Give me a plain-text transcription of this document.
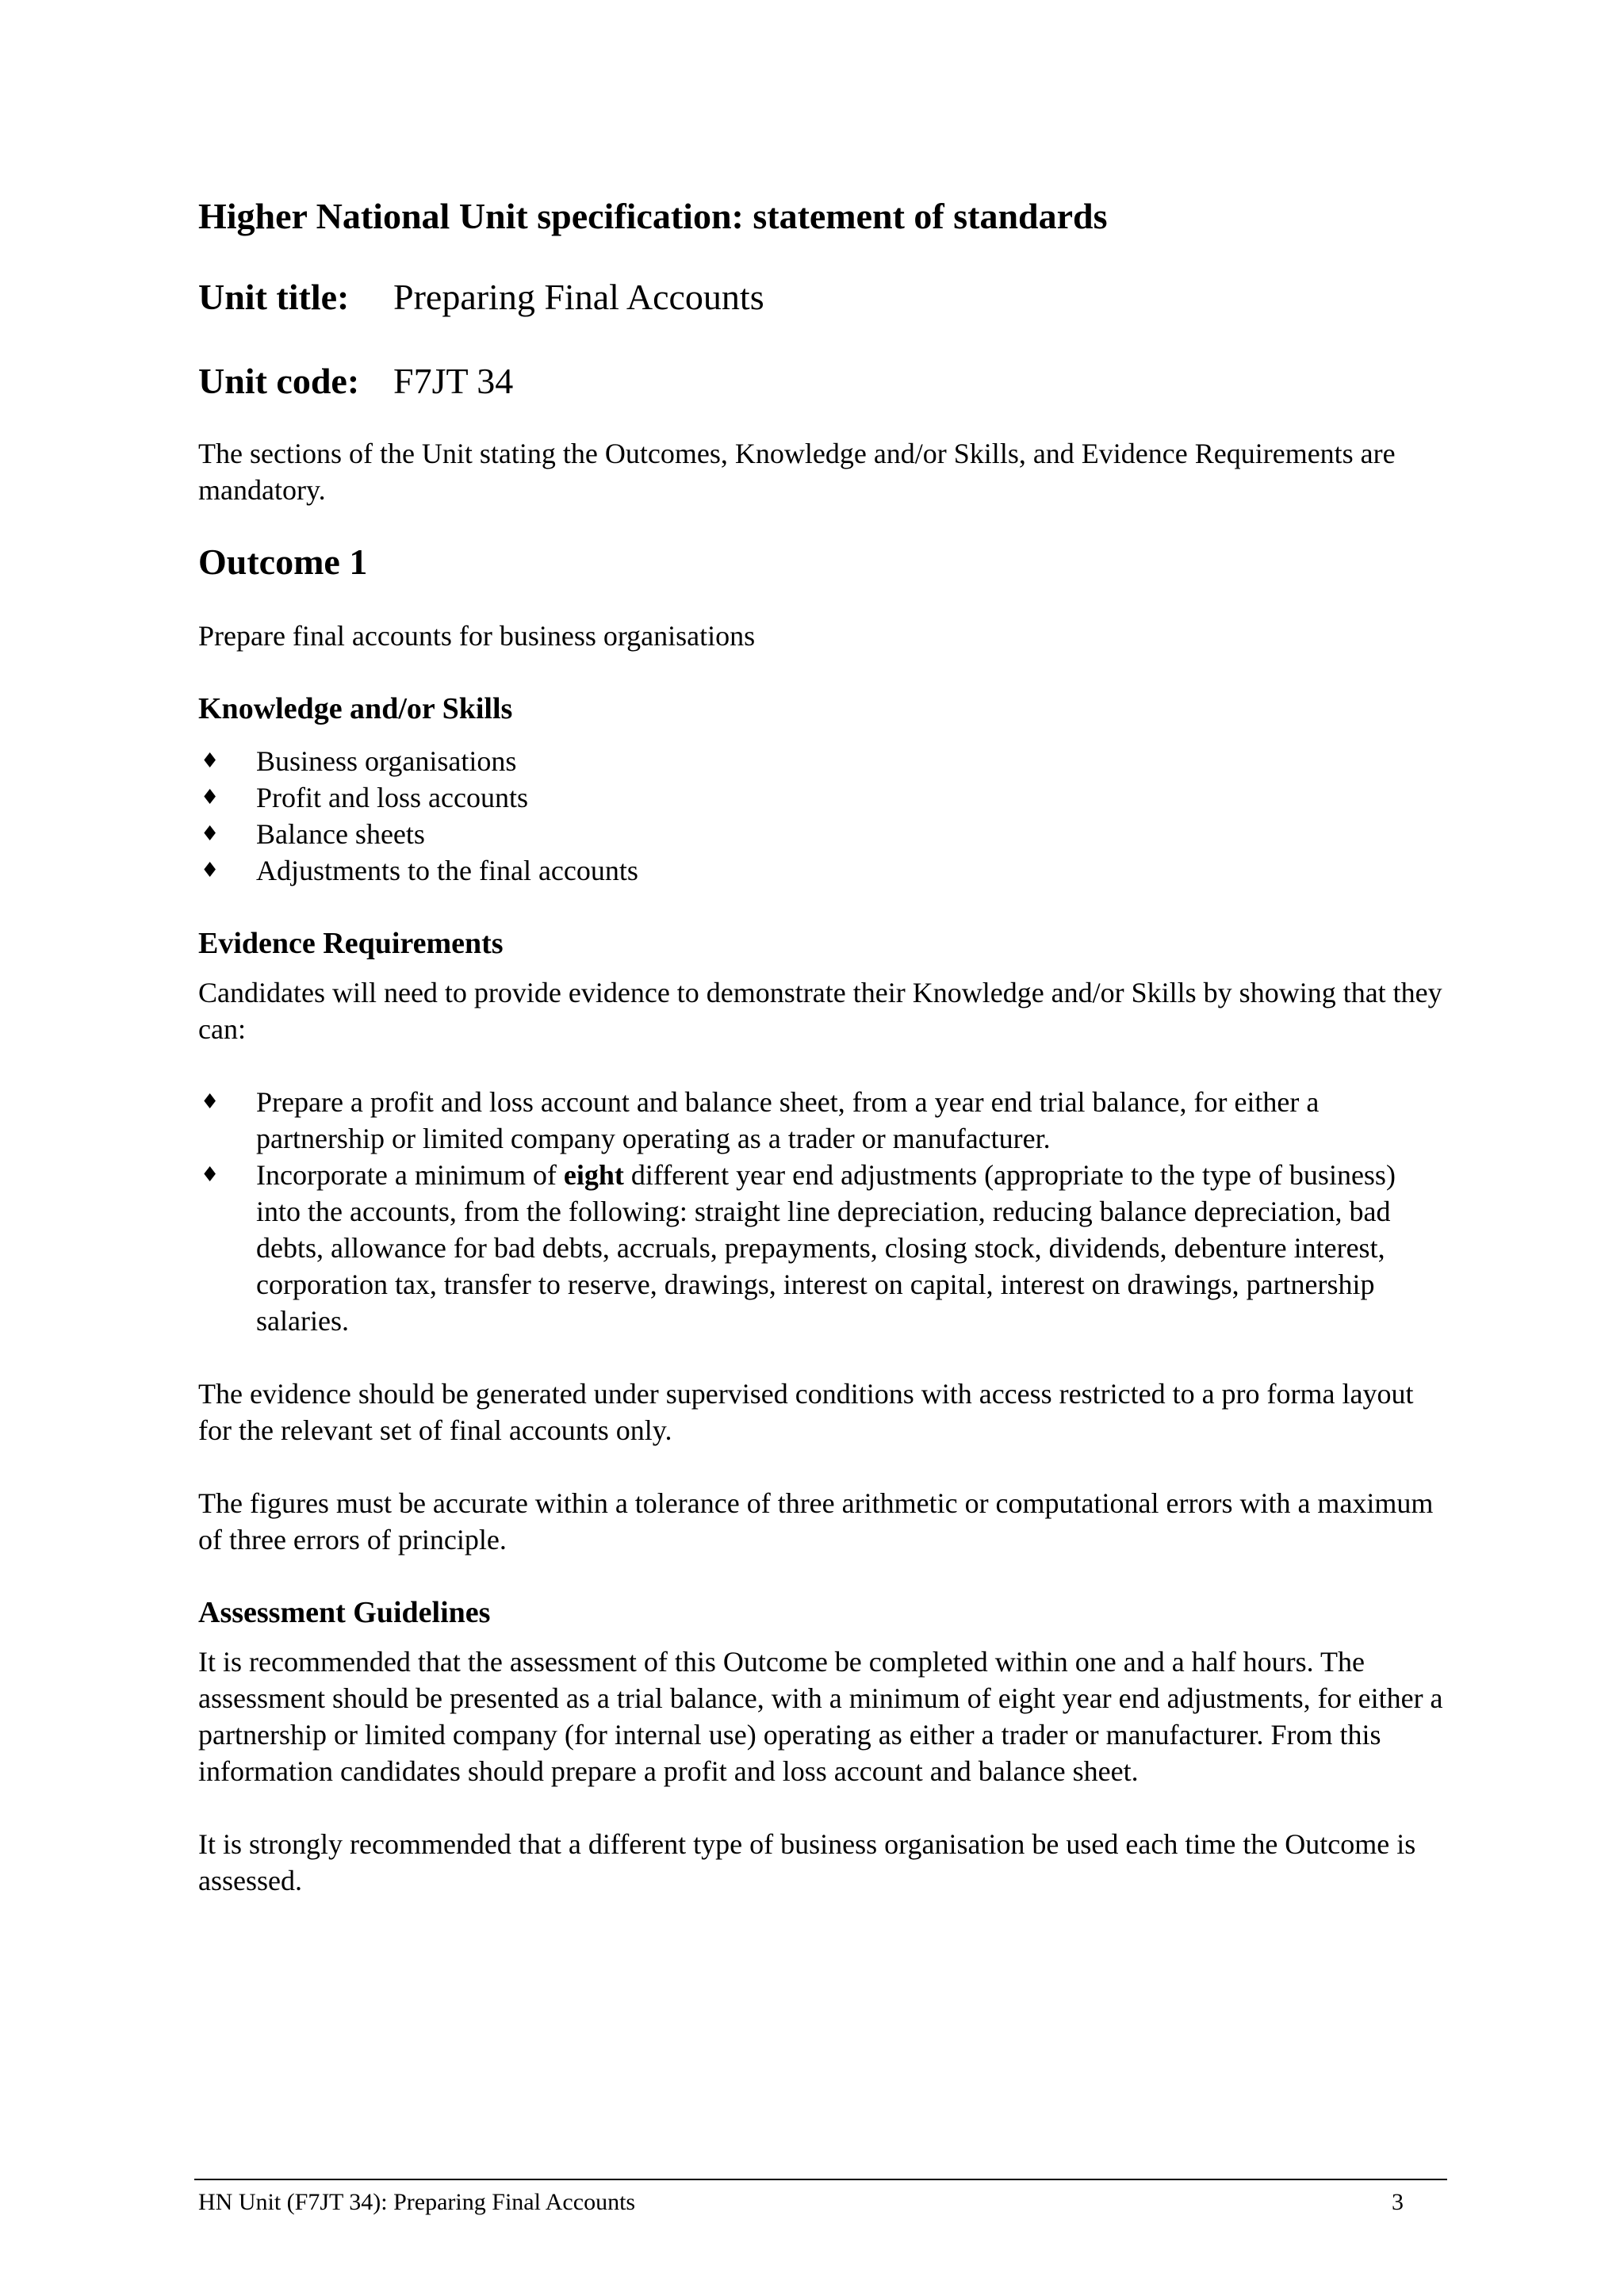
Higher National Unit specification: statement of standards
Unit title: Preparing Final Accounts
Unit code: F7JT 34

The sections of the Unit stating the Outcomes, Knowledge and/or Skills, and Evidence Requirements are mandatory.

Outcome 1

Prepare final accounts for business organisations

Knowledge and/or Skills
♦ Business organisations
♦ Profit and loss accounts
♦ Balance sheets
♦ Adjustments to the final accounts
Evidence Requirements

Candidates will need to provide evidence to demonstrate their Knowledge and/or Skills by showing that they can:

♦ Prepare a profit and loss account and balance sheet, from a year end trial balance, for either a partnership or limited company operating as a trader or manufacturer.
♦ Incorporate a minimum of eight different year end adjustments (appropriate to the type of business) into the accounts, from the following: straight line depreciation, reducing balance depreciation, bad debts, allowance for bad debts, accruals, prepayments, closing stock, dividends, debenture interest, corporation tax, transfer to reserve, drawings, interest on capital, interest on drawings, partnership salaries.

The evidence should be generated under supervised conditions with access restricted to a pro forma layout for the relevant set of final accounts only.

The figures must be accurate within a tolerance of three arithmetic or computational errors with a maximum of three errors of principle.

Assessment Guidelines

It is recommended that the assessment of this Outcome be completed within one and a half hours. The assessment should be presented as a trial balance, with a minimum of eight year end adjustments, for either a partnership or limited company (for internal use) operating as either a trader or manufacturer. From this information candidates should prepare a profit and loss account and balance sheet.

It is strongly recommended that a different type of business organisation be used each time the Outcome is assessed.

HN Unit (F7JT 34): Preparing Final Accounts	3
